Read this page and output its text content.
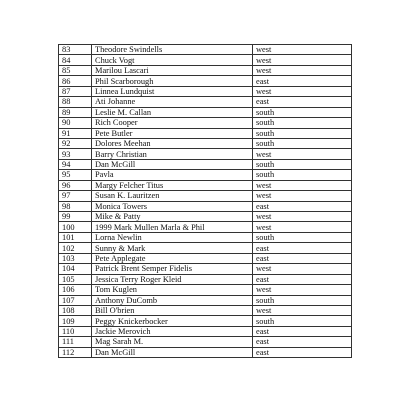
83	Theodore Swindells	west
84	Chuck Vogt	west
85	Marilou Lascari	west
86	Phil Scarborough	east
87	Linnea Lundquist	west
88	Ati Johanne	east
89	Leslie M. Callan	south
90	Rich Cooper	south
91	Pete Butler	south
92	Dolores Meehan	south
93	Barry Christian	west
94	Dan McGill	south
95	Pavla	south
96	Margy Felcher Titus	west
97	Susan K. Lauritzen	west
98	Monica Towers	east
99	Mike & Patty	west
100	1999 Mark Mullen Marla & Phil	west
101	Lorna Newlin	south
102	Sunny & Mark	east
103	Pete Applegate	east
104	Patrick Brent Semper Fidelis	west
105	Jessica Terry Roger Kleid	east
106	Tom Kuglen	west
107	Anthony DuComb	south
108	Bill O'brien	west
109	Peggy Knickerbocker	south
110	Jackie Merovich	east
111	Mag Sarah M.	east
112	Dan McGill	east
